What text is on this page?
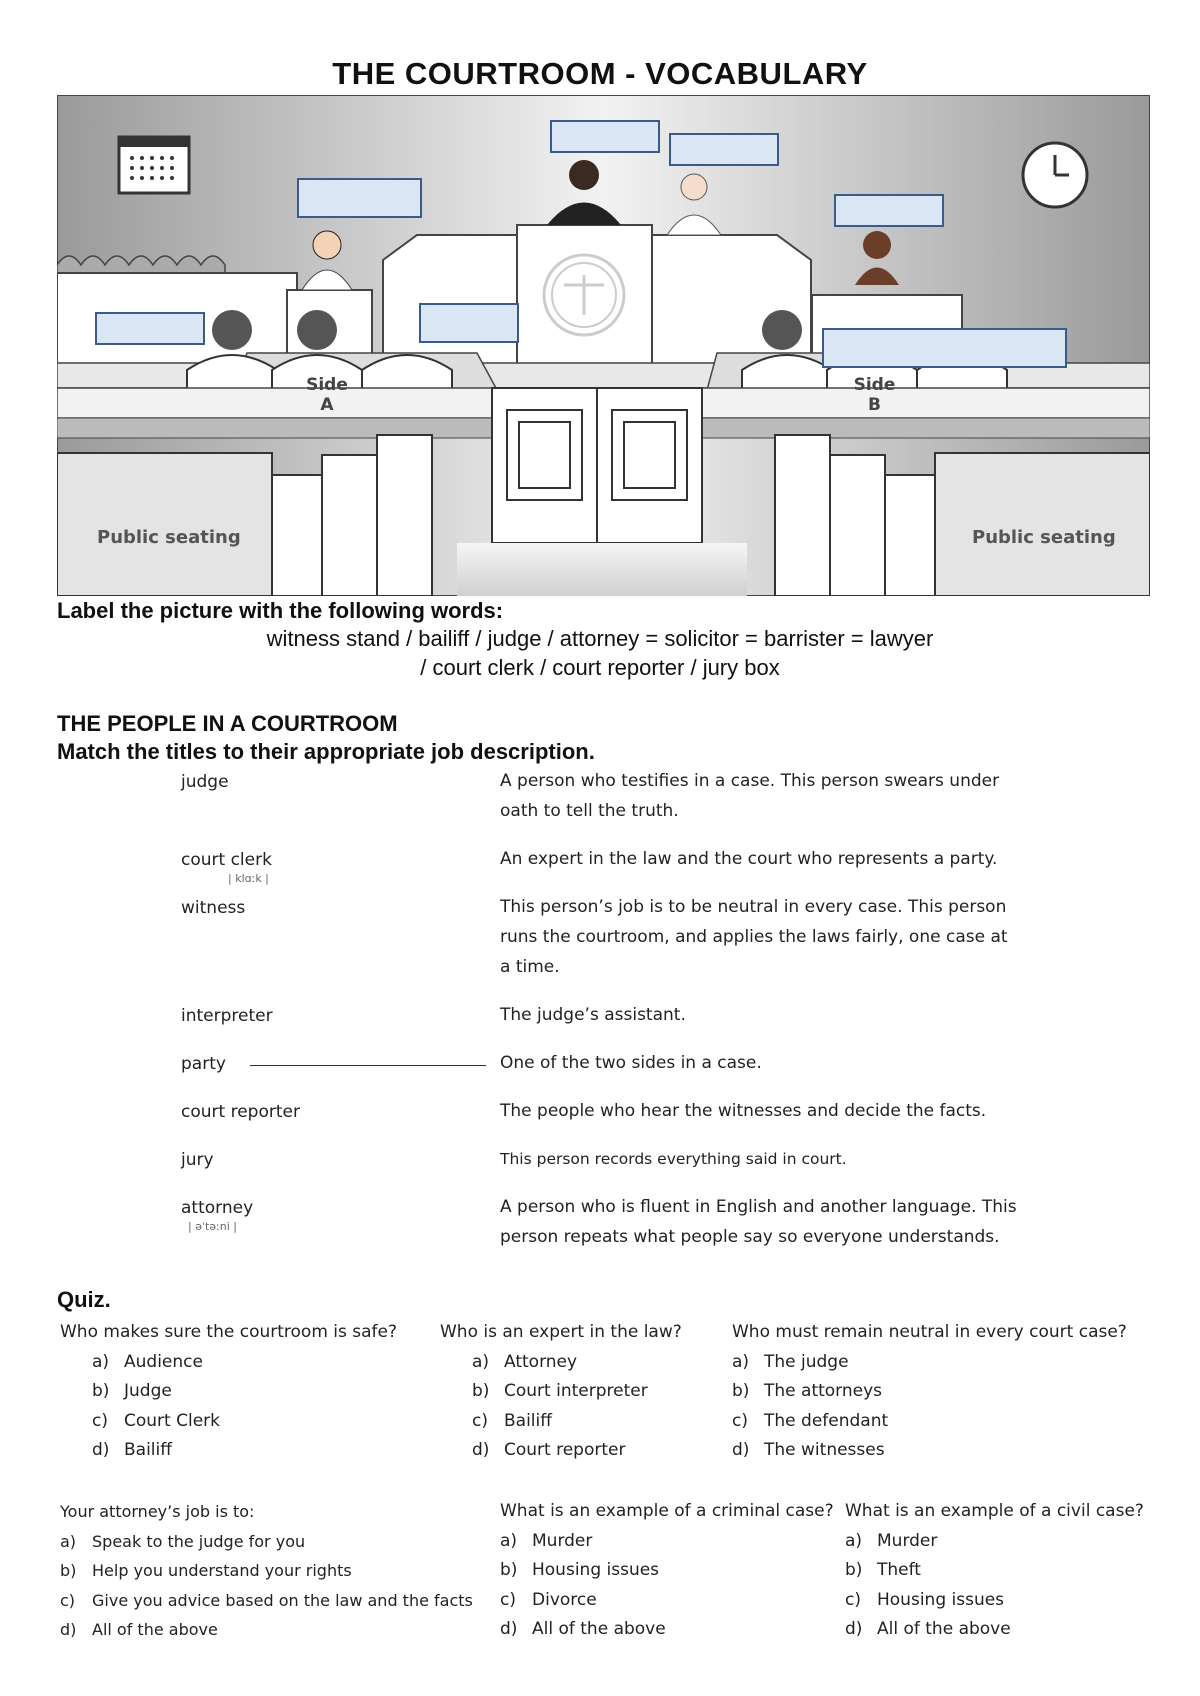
THE COURTROOM - VOCABULARY
Side A
Side B
Public seating	Public seating
Label the picture with the following words:
witness stand / bailiff / judge / attorney = solicitor = barrister = lawyer
/ court clerk / court reporter / jury box
THE PEOPLE IN A COURTROOM
Match the titles to their appropriate job description.
judge
court clerk
| klɑːk |
witness
interpreter
party
court reporter
jury
attorney
| əˈtəːni |
A person who testifies in a case. This person swears under oath to tell the truth.
An expert in the law and the court who represents a party.
This person’s job is to be neutral in every case. This person runs the courtroom, and applies the laws fairly, one case at a time.
The judge’s assistant.
One of the two sides in a case.
The people who hear the witnesses and decide the facts.
This person records everything said in court.
A person who is fluent in English and another language. This person repeats what people say so everyone understands.
Quiz.
Who makes sure the courtroom is safe?
a) Audience
b) Judge
c) Court Clerk
d) Bailiff
Who is an expert in the law?
a) Attorney
b) Court interpreter
c) Bailiff
d) Court reporter
Who must remain neutral in every court case?
a) The judge
b) The attorneys
c) The defendant
d) The witnesses
Your attorney’s job is to:
a) Speak to the judge for you
b) Help you understand your rights
c) Give you advice based on the law and the facts
d) All of the above
What is an example of a criminal case?
a) Murder
b) Housing issues
c) Divorce
d) All of the above
What is an example of a civil case?
a) Murder
b) Theft
c) Housing issues
d) All of the above
